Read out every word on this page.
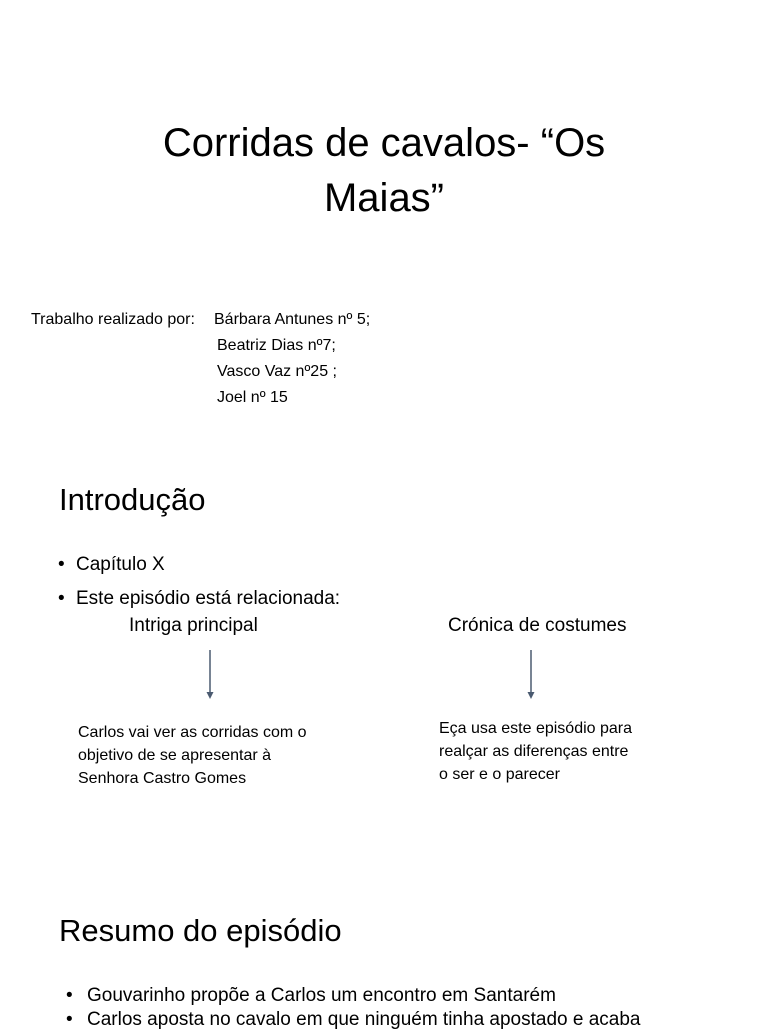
Corridas de cavalos- “Os
Maias”
Trabalho realizado por:	Bárbara Antunes nº 5;
Beatriz Dias nº7;
Vasco Vaz nº25 ;
Joel nº 15
Introdução
• Capítulo X
• Este episódio está relacionada:
Intriga principal	Crónica de costumes
Carlos vai ver as corridas com o
objetivo de se apresentar à
Senhora Castro Gomes
Eça usa este episódio para
realçar as diferenças entre
o ser e o parecer
Resumo do episódio
• Gouvarinho propõe a Carlos um encontro em Santarém
• Carlos aposta no cavalo em que ninguém tinha apostado e acaba
